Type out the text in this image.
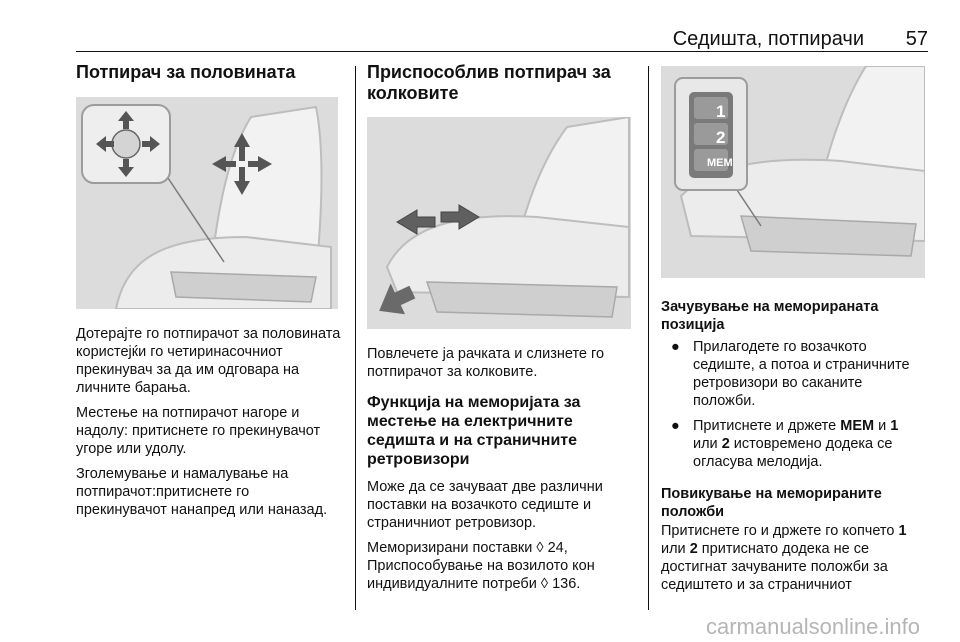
Седишта, потпирачи 57
Потпирач за половината

Дотерајте го потпирачот за половината користејќи го четиринасочниот прекинувач за да им одговара на личните барања.

Местење на потпирачот нагоре и надолу: притиснете го прекинувачот угоре или удолу.

Зголемување и намалување на потпирачот:притиснете го прекинувачот нанапред или наназад.

Приспособлив потпирач за колковите

Повлечете ја рачката и слизнете го потпирачот за колковите.

Функција на меморијата за местење на електричните седишта и на страничните ретровизори

Може да се зачуваат две различни поставки на возачкото седиште и страничниот ретровизор.

Меморизирани поставки ◊ 24,
Приспособување на возилото кон индивидуалните потреби ◊ 136.

1
2
MEM
Зачувување на меморираната позиција
● Прилагодете го возачкото седиште, а потоа и страничните ретровизори во саканите положби.
● Притиснете и држете MEM и 1
или 2 истовремено додека се огласува мелодија.
Повикување на меморираните положби

Притиснете го и држете го копчето 1 или 2 притиснато додека не се достигнат зачуваните положби за седиштето и за страничниот

carmanualsonline.info
